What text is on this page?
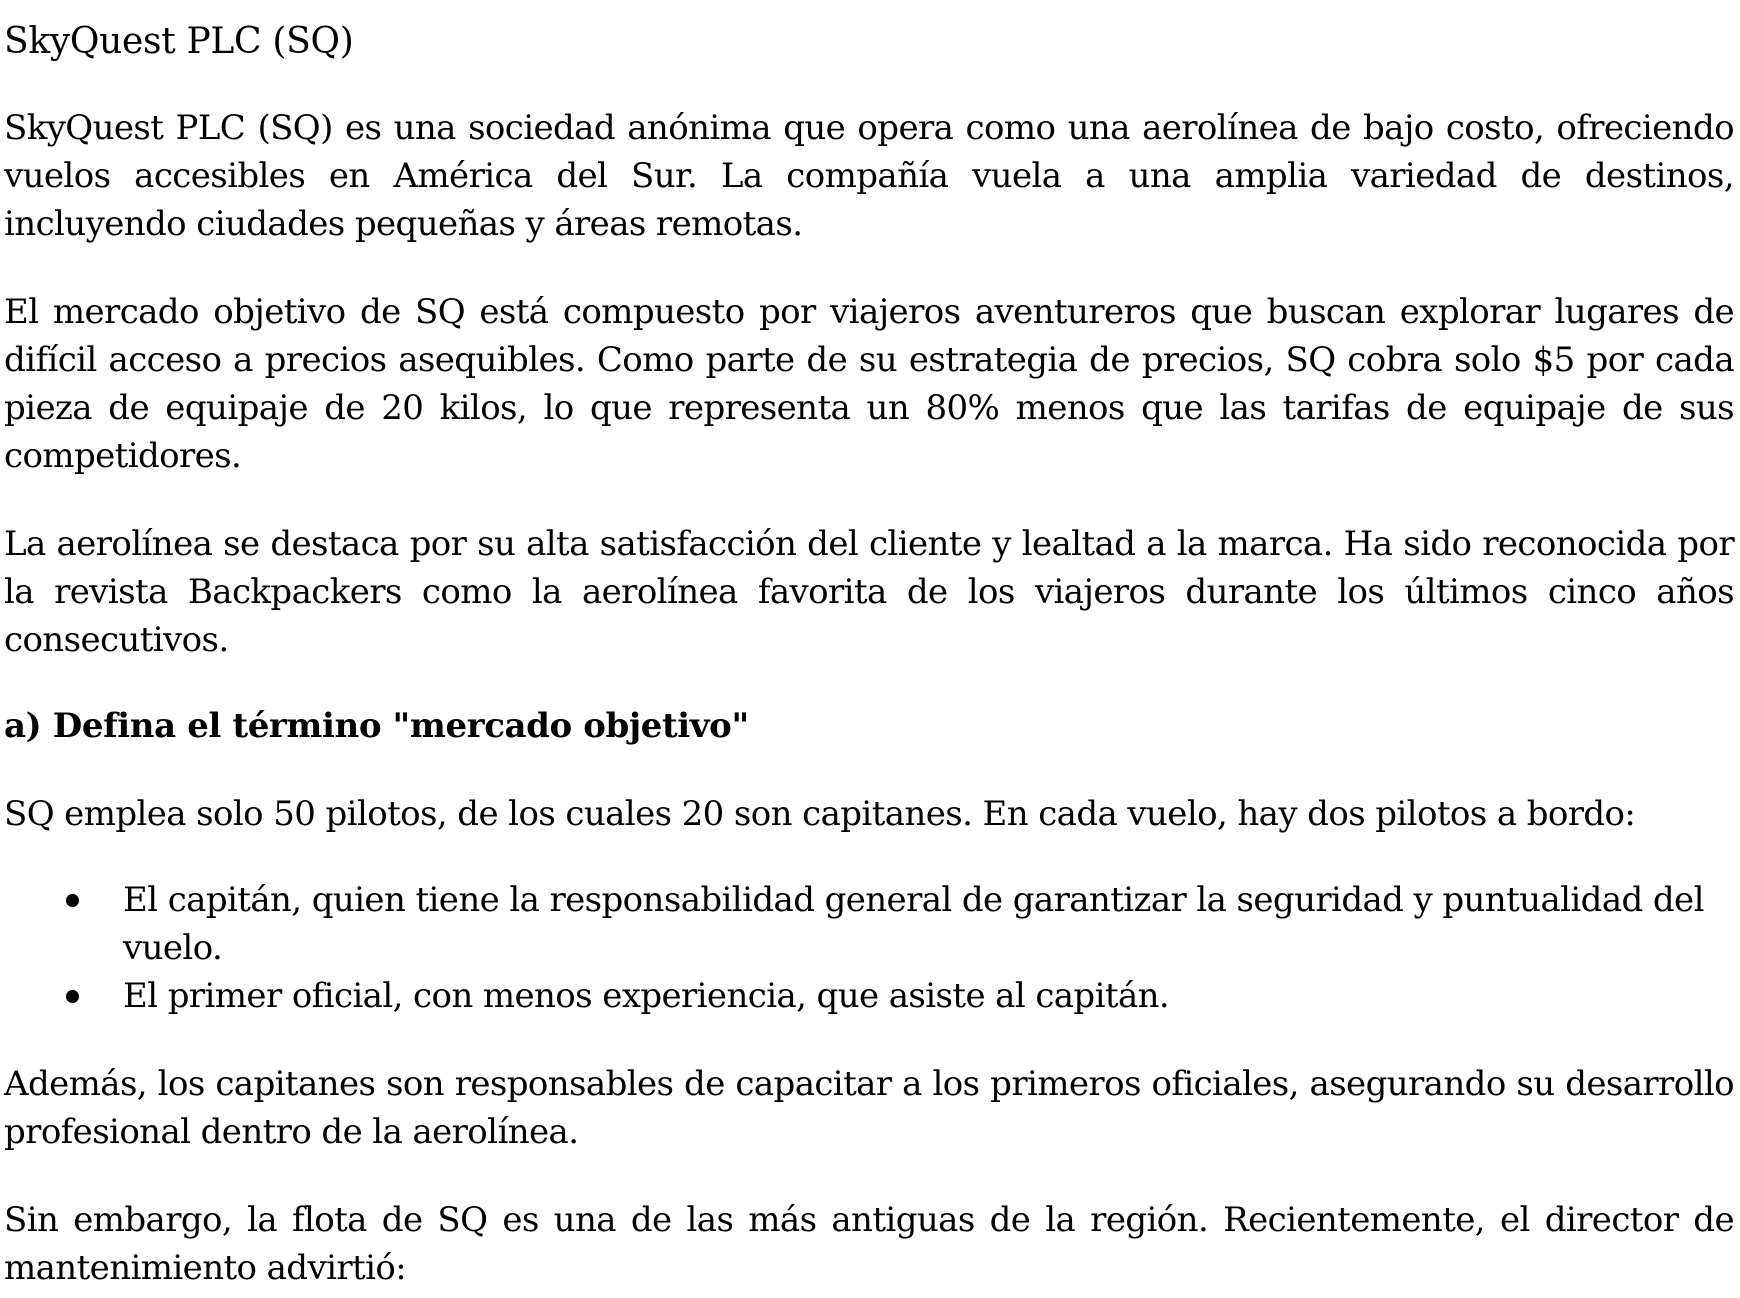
SkyQuest PLC (SQ)

SkyQuest PLC (SQ) es una sociedad anónima que opera como una aerolínea de bajo costo, ofreciendo vuelos accesibles en América del Sur. La compañía vuela a una amplia variedad de destinos, incluyendo ciudades pequeñas y áreas remotas.

El mercado objetivo de SQ está compuesto por viajeros aventureros que buscan explorar lugares de difícil acceso a precios asequibles. Como parte de su estrategia de precios, SQ cobra solo $5 por cada pieza de equipaje de 20 kilos, lo que representa un 80% menos que las tarifas de equipaje de sus competidores.

La aerolínea se destaca por su alta satisfacción del cliente y lealtad a la marca. Ha sido reconocida por la revista Backpackers como la aerolínea favorita de los viajeros durante los últimos cinco años consecutivos.

a) Defina el término "mercado objetivo"

SQ emplea solo 50 pilotos, de los cuales 20 son capitanes. En cada vuelo, hay dos pilotos a bordo:

El capitán, quien tiene la responsabilidad general de garantizar la seguridad y puntualidad del vuelo.
El primer oficial, con menos experiencia, que asiste al capitán.

Además, los capitanes son responsables de capacitar a los primeros oficiales, asegurando su desarrollo profesional dentro de la aerolínea.

Sin embargo, la flota de SQ es una de las más antiguas de la región. Recientemente, el director de mantenimiento advirtió:
